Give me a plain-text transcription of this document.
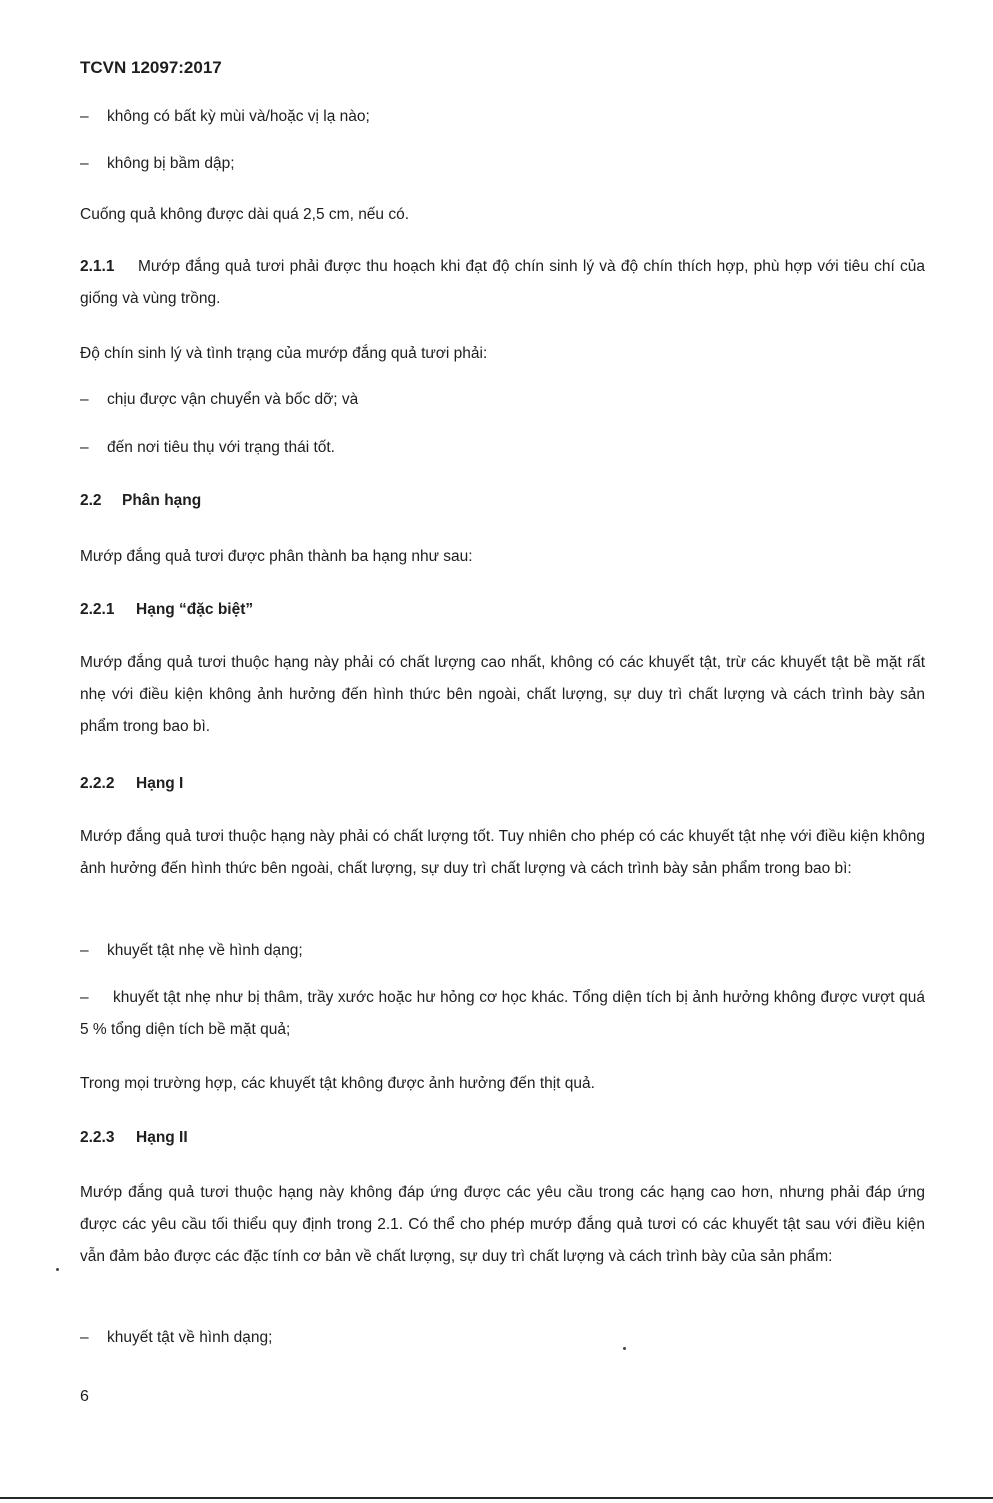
TCVN 12097:2017
–	không có bất kỳ mùi và/hoặc vị lạ nào;
–	không bị bầm dập;

Cuống quả không được dài quá 2,5 cm, nếu có.

2.1.1 Mướp đắng quả tươi phải được thu hoạch khi đạt độ chín sinh lý và độ chín thích hợp, phù hợp với tiêu chí của giống và vùng trồng.

Độ chín sinh lý và tình trạng của mướp đắng quả tươi phải:

–	chịu được vận chuyển và bốc dỡ; và
–	đến nơi tiêu thụ với trạng thái tốt.
2.2 Phân hạng

Mướp đắng quả tươi được phân thành ba hạng như sau:

2.2.1 Hạng “đặc biệt”

Mướp đắng quả tươi thuộc hạng này phải có chất lượng cao nhất, không có các khuyết tật, trừ các khuyết tật bề mặt rất nhẹ với điều kiện không ảnh hưởng đến hình thức bên ngoài, chất lượng, sự duy trì chất lượng và cách trình bày sản phẩm trong bao bì.

2.2.2 Hạng I

Mướp đắng quả tươi thuộc hạng này phải có chất lượng tốt. Tuy nhiên cho phép có các khuyết tật nhẹ với điều kiện không ảnh hưởng đến hình thức bên ngoài, chất lượng, sự duy trì chất lượng và cách trình bày sản phẩm trong bao bì:

–	khuyết tật nhẹ về hình dạng;

– khuyết tật nhẹ như bị thâm, trầy xước hoặc hư hỏng cơ học khác. Tổng diện tích bị ảnh hưởng không được vượt quá 5 % tổng diện tích bề mặt quả;

Trong mọi trường hợp, các khuyết tật không được ảnh hưởng đến thịt quả.

2.2.3 Hạng II

Mướp đắng quả tươi thuộc hạng này không đáp ứng được các yêu cầu trong các hạng cao hơn, nhưng phải đáp ứng được các yêu cầu tối thiểu quy định trong 2.1. Có thể cho phép mướp đắng quả tươi có các khuyết tật sau với điều kiện vẫn đảm bảo được các đặc tính cơ bản về chất lượng, sự duy trì chất lượng và cách trình bày của sản phẩm:

–	khuyết tật về hình dạng;
6
